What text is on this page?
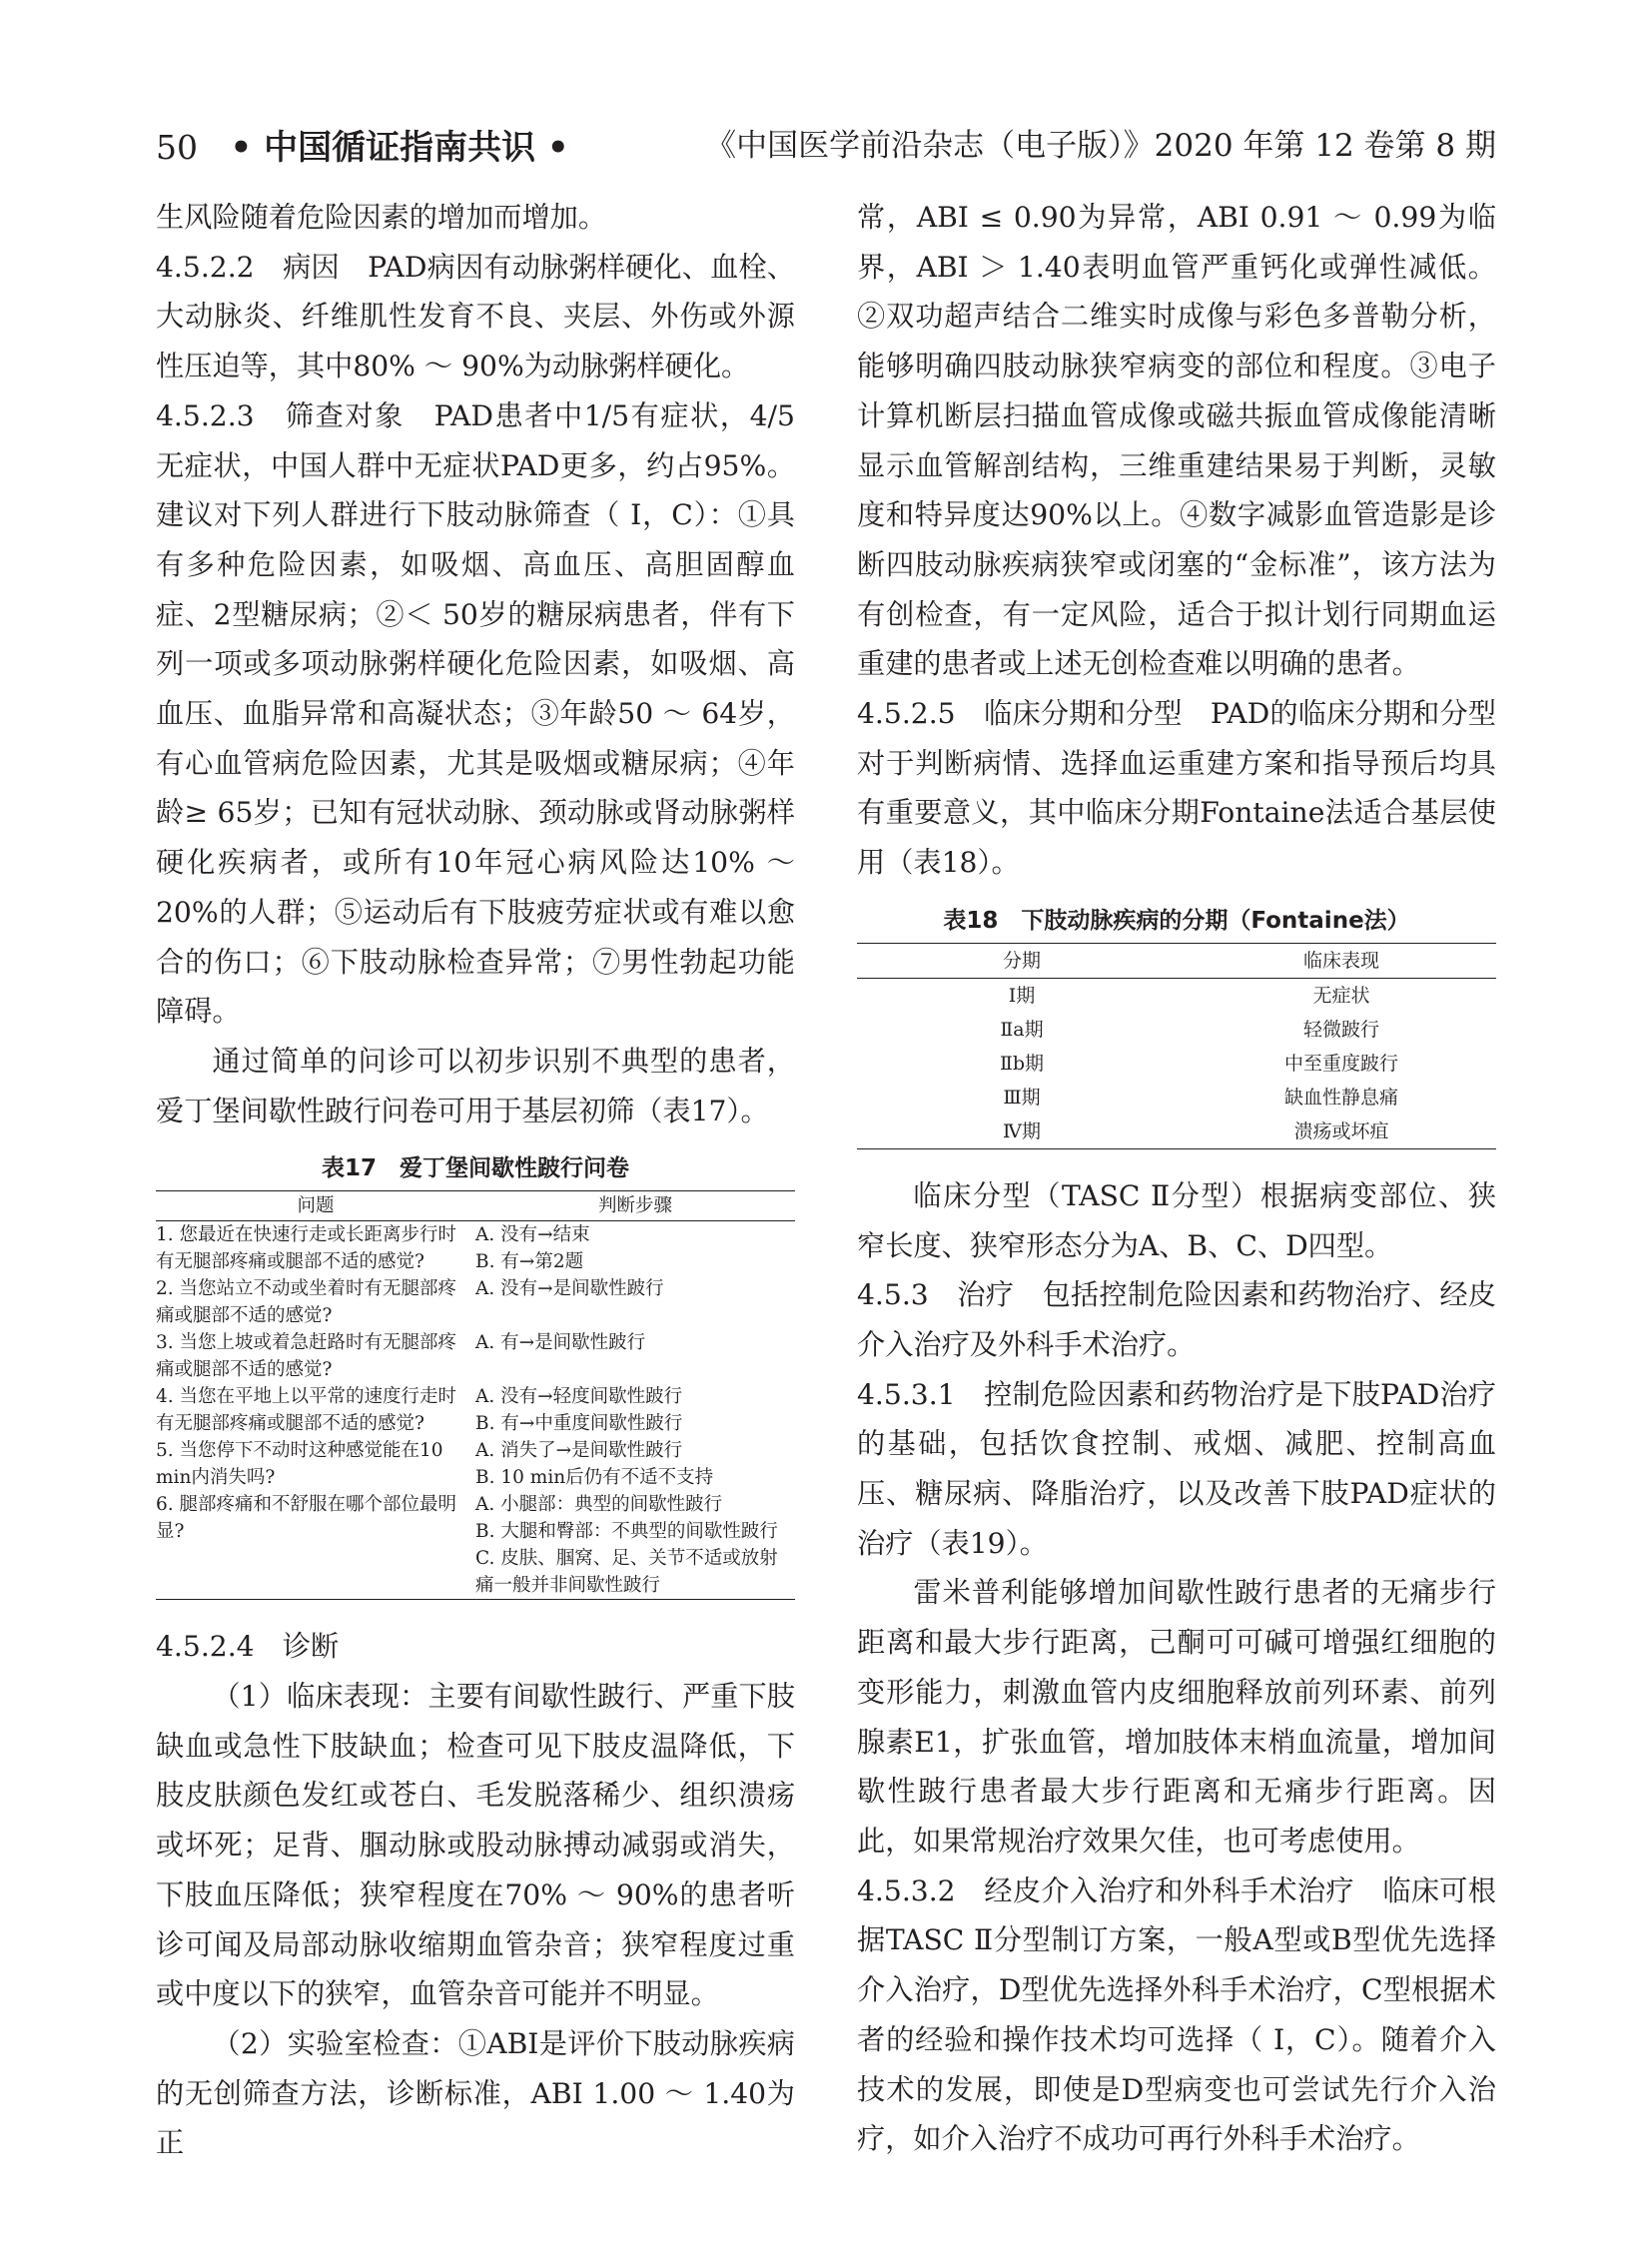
50 • 中国循证指南共识 •	《中国医学前沿杂志（电子版）》2020 年第 12 卷第 8 期

生风险随着危险因素的增加而增加。

4.5.2.2　病因　PAD病因有动脉粥样硬化、血栓、大动脉炎、纤维肌性发育不良、夹层、外伤或外源性压迫等，其中80% ～ 90%为动脉粥样硬化。

4.5.2.3　筛查对象　PAD患者中1/5有症状，4/5无症状，中国人群中无症状PAD更多，约占95%。建议对下列人群进行下肢动脉筛查（ Ⅰ，C）：①具有多种危险因素，如吸烟、高血压、高胆固醇血症、2型糖尿病；②＜ 50岁的糖尿病患者，伴有下列一项或多项动脉粥样硬化危险因素，如吸烟、高血压、血脂异常和高凝状态；③年龄50 ～ 64岁，有心血管病危险因素，尤其是吸烟或糖尿病；④年龄≥ 65岁；已知有冠状动脉、颈动脉或肾动脉粥样硬化疾病者，或所有10年冠心病风险达10% ～ 20%的人群；⑤运动后有下肢疲劳症状或有难以愈合的伤口；⑥下肢动脉检查异常；⑦男性勃起功能障碍。

通过简单的问诊可以初步识别不典型的患者，爱丁堡间歇性跛行问卷可用于基层初筛（表17）。

表17　爱丁堡间歇性跛行问卷
问题	判断步骤
1. 您最近在快速行走或长距离步行时有无腿部疼痛或腿部不适的感觉?	A. 没有→结束
B. 有→第2题
2. 当您站立不动或坐着时有无腿部疼痛或腿部不适的感觉?	A. 没有→是间歇性跛行
3. 当您上坡或着急赶路时有无腿部疼痛或腿部不适的感觉?	A. 有→是间歇性跛行
4. 当您在平地上以平常的速度行走时有无腿部疼痛或腿部不适的感觉?	A. 没有→轻度间歇性跛行
B. 有→中重度间歇性跛行
5. 当您停下不动时这种感觉能在10 min内消失吗?	A. 消失了→是间歇性跛行
B. 10 min后仍有不适不支持
6. 腿部疼痛和不舒服在哪个部位最明显?	A. 小腿部：典型的间歇性跛行
B. 大腿和臀部：不典型的间歇性跛行
C. 皮肤、腘窝、足、关节不适或放射痛一般并非间歇性跛行

4.5.2.4　诊断

（1）临床表现：主要有间歇性跛行、严重下肢缺血或急性下肢缺血；检查可见下肢皮温降低，下肢皮肤颜色发红或苍白、毛发脱落稀少、组织溃疡或坏死；足背、腘动脉或股动脉搏动减弱或消失，下肢血压降低；狭窄程度在70% ～ 90%的患者听诊可闻及局部动脉收缩期血管杂音；狭窄程度过重或中度以下的狭窄，血管杂音可能并不明显。

（2）实验室检查：①ABI是评价下肢动脉疾病的无创筛查方法，诊断标准，ABI 1.00 ～ 1.40为正

常，ABI ≤ 0.90为异常，ABI 0.91 ～ 0.99为临界，ABI ＞ 1.40表明血管严重钙化或弹性减低。②双功超声结合二维实时成像与彩色多普勒分析，能够明确四肢动脉狭窄病变的部位和程度。③电子计算机断层扫描血管成像或磁共振血管成像能清晰显示血管解剖结构，三维重建结果易于判断，灵敏度和特异度达90%以上。④数字减影血管造影是诊断四肢动脉疾病狭窄或闭塞的“金标准”，该方法为有创检查，有一定风险，适合于拟计划行同期血运重建的患者或上述无创检查难以明确的患者。

4.5.2.5　临床分期和分型　PAD的临床分期和分型对于判断病情、选择血运重建方案和指导预后均具有重要意义，其中临床分期Fontaine法适合基层使用（表18）。

表18　下肢动脉疾病的分期（Fontaine法）
分期	临床表现
Ⅰ期	无症状
Ⅱa期	轻微跛行
Ⅱb期	中至重度跛行
Ⅲ期	缺血性静息痛
Ⅳ期	溃疡或坏疽

临床分型（TASC Ⅱ分型）根据病变部位、狭窄长度、狭窄形态分为A、B、C、D四型。

4.5.3　治疗　包括控制危险因素和药物治疗、经皮介入治疗及外科手术治疗。

4.5.3.1　控制危险因素和药物治疗是下肢PAD治疗的基础，包括饮食控制、戒烟、减肥、控制高血压、糖尿病、降脂治疗，以及改善下肢PAD症状的治疗（表19）。

雷米普利能够增加间歇性跛行患者的无痛步行距离和最大步行距离，己酮可可碱可增强红细胞的变形能力，刺激血管内皮细胞释放前列环素、前列腺素E1，扩张血管，增加肢体末梢血流量，增加间歇性跛行患者最大步行距离和无痛步行距离。因此，如果常规治疗效果欠佳，也可考虑使用。

4.5.3.2　经皮介入治疗和外科手术治疗　临床可根据TASC Ⅱ分型制订方案，一般A型或B型优先选择介入治疗，D型优先选择外科手术治疗，C型根据术者的经验和操作技术均可选择（ Ⅰ，C）。随着介入技术的发展，即使是D型病变也可尝试先行介入治疗，如介入治疗不成功可再行外科手术治疗。
